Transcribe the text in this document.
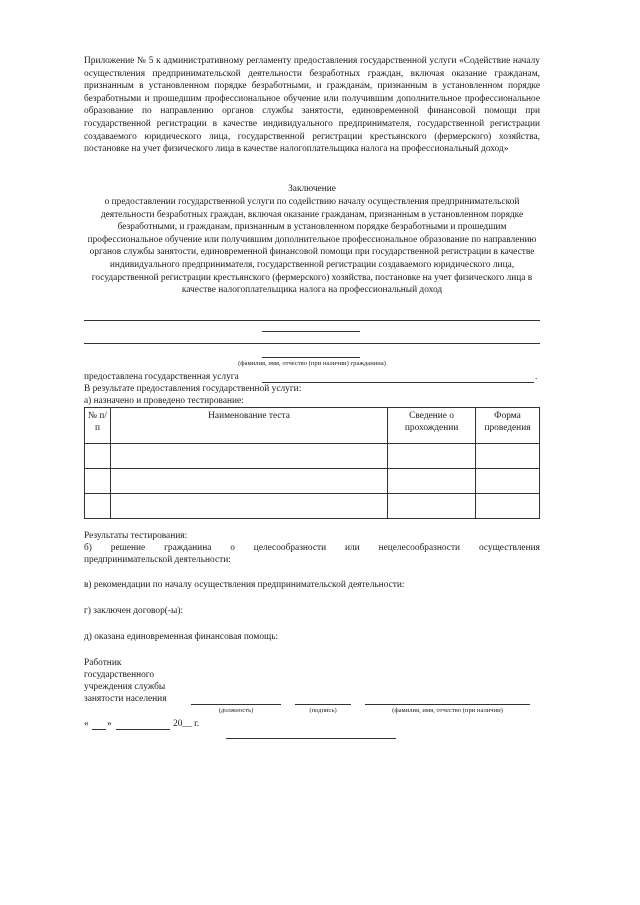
Приложение № 5 к административному регламенту предоставления государственной услуги «Содействие началу осуществления предпринимательской деятельности безработных граждан, включая оказание гражданам, признанным в установленном порядке безработными, и гражданам, признанным в установленном порядке безработными и прошедшим профессиональное обучение или получившим дополнительное профессиональное образование по направлению органов службы занятости, единовременной финансовой помощи при государственной регистрации в качестве индивидуального предпринимателя, государственной регистрации создаваемого юридического лица, государственной регистрации крестьянского (фермерского) хозяйства, постановке на учет физического лица в качестве налогоплательщика налога на профессиональный доход»
Заключение
о предоставлении государственной услуги по содействию началу осуществления предпринимательской деятельности безработных граждан, включая оказание гражданам, признанным в установленном порядке безработными, и гражданам, признанным в установленном порядке безработными и прошедшим профессиональное обучение или получившим дополнительное профессиональное образование по направлению органов службы занятости, единовременной финансовой помощи при государственной регистрации в качестве индивидуального предпринимателя, государственной регистрации создаваемого юридического лица, государственной регистрации крестьянского (фермерского) хозяйства, постановке на учет физического лица в качестве налогоплательщика налога на профессиональный доход
(фамилия, имя, отчество (при наличии) гражданина)
предоставлена государственная услуга	.
В результате предоставления государственной услуги:
а) назначено и проведено тестирование:
№ п/п	Наименование теста	Сведение о прохождении	Форма проведения

Результаты тестирования:
б) решение гражданина о целесообразности или нецелесообразности осуществления
предпринимательской деятельности:
в) рекомендации по началу осуществления предпринимательской деятельности:
г) заключен договор(-ы):
д) оказана единовременная финансовая помощь:
Работник
государственного
учреждения службы
занятости населения
(должность)	(подпись)	(фамилия, имя, отчество (при наличии)
« »	20__ г.
